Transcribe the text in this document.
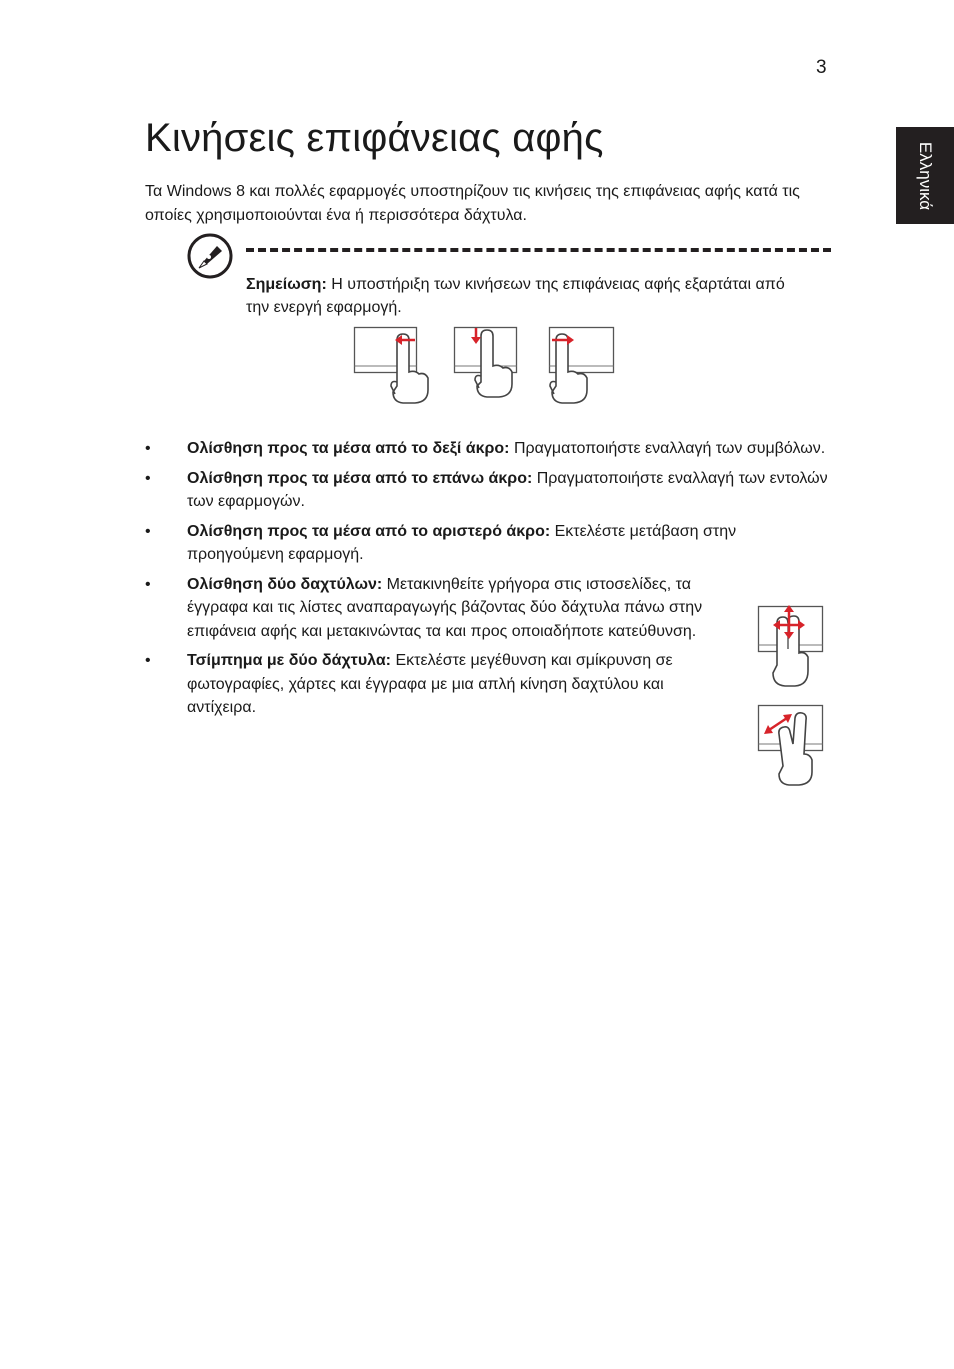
3
Ελληνικά
Κινήσεις επιφάνειας αφής

Τα Windows 8 και πολλές εφαρμογές υποστηρίζουν τις κινήσεις της επιφάνειας αφής κατά τις οποίες χρησιμοποιούνται ένα ή περισσότερα δάχτυλα.

Σημείωση: Η υποστήριξη των κινήσεων της επιφάνειας αφής εξαρτάται από την ενεργή εφαρμογή.

• Ολίσθηση προς τα μέσα από το δεξί άκρο: Πραγματοποιήστε εναλλαγή των συμβόλων.
• Ολίσθηση προς τα μέσα από το επάνω άκρο: Πραγματοποιήστε εναλλαγή των εντολών των εφαρμογών.
• Ολίσθηση προς τα μέσα από το αριστερό άκρο: Εκτελέστε μετάβαση στην προηγούμενη εφαρμογή.
• Ολίσθηση δύο δαχτύλων: Μετακινηθείτε γρήγορα στις ιστοσελίδες, τα έγγραφα και τις λίστες αναπαραγωγής βάζοντας δύο δάχτυλα πάνω στην επιφάνεια αφής και μετακινώντας τα και προς οποιαδήποτε κατεύθυνση.
• Τσίμπημα με δύο δάχτυλα: Εκτελέστε μεγέθυνση και σμίκρυνση σε φωτογραφίες, χάρτες και έγγραφα με μια απλή κίνηση δαχτύλου και αντίχειρα.
